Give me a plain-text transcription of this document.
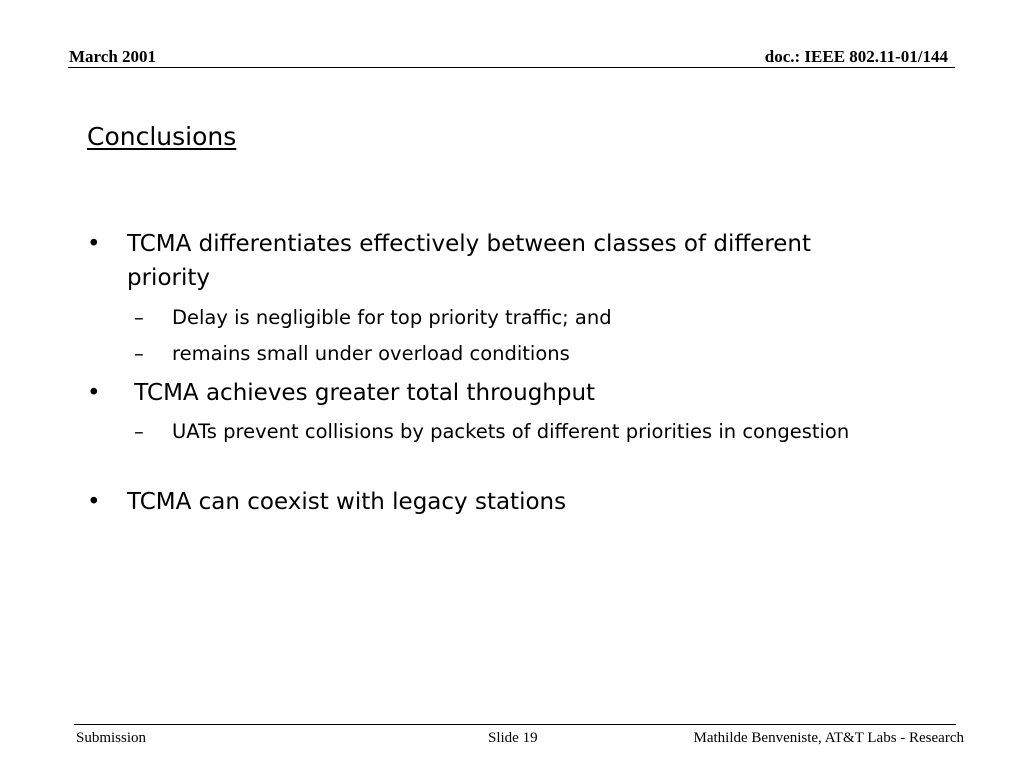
March 2001	doc.: IEEE 802.11-01/144
Conclusions
• TCMA differentiates effectively between classes of different priority
– Delay is negligible for top priority traffic; and
– remains small under overload conditions
• TCMA achieves greater total throughput
– UATs prevent collisions by packets of different priorities in congestion
• TCMA can coexist with legacy stations
Submission	Slide 19	Mathilde Benveniste, AT&T Labs - Research
